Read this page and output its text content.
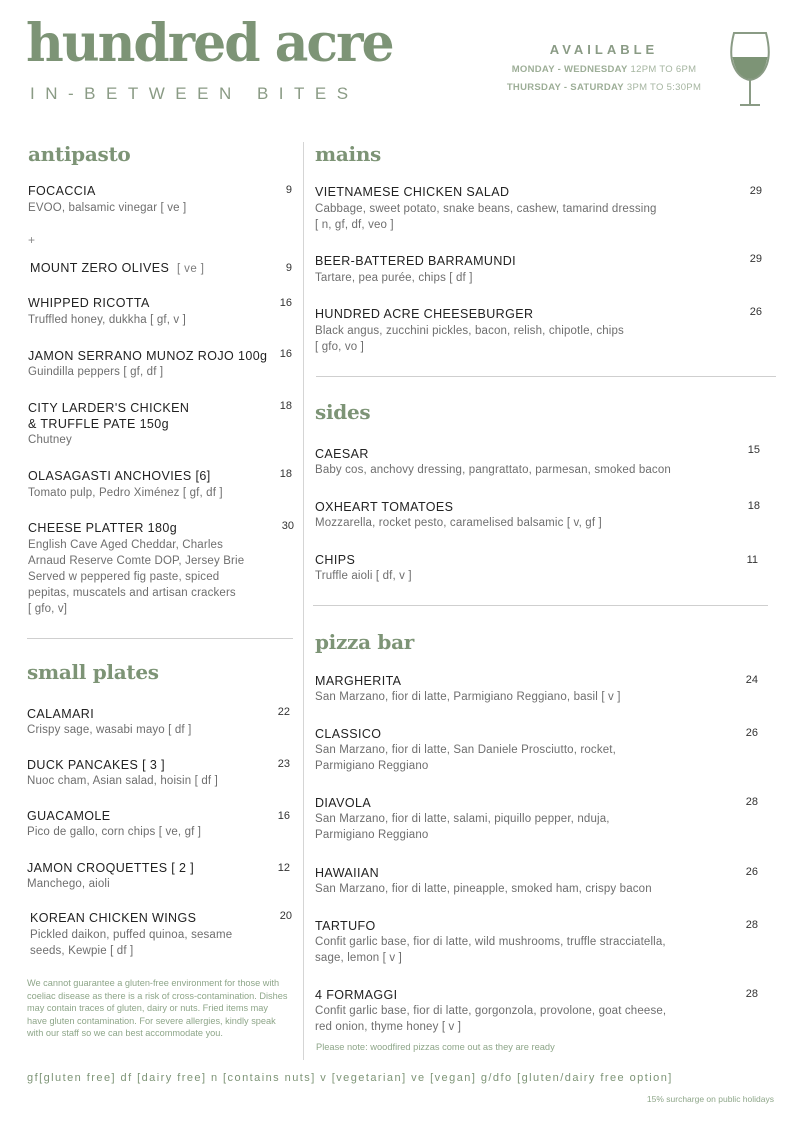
hundred acre
IN-BETWEEN BITES
AVAILABLE
MONDAY - WEDNESDAY 12PM TO 6PM
THURSDAY - SATURDAY 3PM TO 5:30PM
antipasto
FOCACCIA
EVOO, balsamic vinegar [ ve ]
9
+
MOUNT ZERO OLIVES [ ve ]	9
WHIPPED RICOTTA
Truffled honey, dukkha [ gf, v ]
16
JAMON SERRANO MUNOZ ROJO 100g
Guindilla peppers [ gf, df ]
16
CITY LARDER'S CHICKEN
& TRUFFLE PATE 150g
Chutney
18
OLASAGASTI ANCHOVIES [6]
Tomato pulp, Pedro Ximénez [ gf, df ]
18
CHEESE PLATTER 180g
English Cave Aged Cheddar, Charles
Arnaud Reserve Comte DOP, Jersey Brie
Served w peppered fig paste, spiced
pepitas, muscatels and artisan crackers
[ gfo, v]
30
small plates
CALAMARI
Crispy sage, wasabi mayo [ df ]
22
DUCK PANCAKES [ 3 ]
Nuoc cham, Asian salad, hoisin [ df ]
23
GUACAMOLE
Pico de gallo, corn chips [ ve, gf ]
16
JAMON CROQUETTES [ 2 ]
Manchego, aioli
12
KOREAN CHICKEN WINGS
Pickled daikon, puffed quinoa, sesame
seeds, Kewpie [ df ]
20
We cannot guarantee a gluten-free environment for those with coeliac disease as there is a risk of cross-contamination. Dishes may contain traces of gluten, dairy or nuts. Fried items may have gluten contamination. For severe allergies, kindly speak with our staff so we can best accommodate you.
mains
VIETNAMESE CHICKEN SALAD
Cabbage, sweet potato, snake beans, cashew, tamarind dressing
[ n, gf, df, veo ]
29
BEER-BATTERED BARRAMUNDI
Tartare, pea purée, chips [ df ]
29
HUNDRED ACRE CHEESEBURGER
Black angus, zucchini pickles, bacon, relish, chipotle, chips
[ gfo, vo ]
26
sides
CAESAR
Baby cos, anchovy dressing, pangrattato, parmesan, smoked bacon
15
OXHEART TOMATOES
Mozzarella, rocket pesto, caramelised balsamic [ v, gf ]
18
CHIPS
Truffle aioli [ df, v ]
11
pizza bar
MARGHERITA
San Marzano, fior di latte, Parmigiano Reggiano, basil [ v ]
24
CLASSICO
San Marzano, fior di latte, San Daniele Prosciutto, rocket,
Parmigiano Reggiano
26
DIAVOLA
San Marzano, fior di latte, salami, piquillo pepper, nduja,
Parmigiano Reggiano
28
HAWAIIAN
San Marzano, fior di latte, pineapple, smoked ham, crispy bacon
26
TARTUFO
Confit garlic base, fior di latte, wild mushrooms, truffle stracciatella,
sage, lemon [ v ]
28
4 FORMAGGI
Confit garlic base, fior di latte, gorgonzola, provolone, goat cheese,
red onion, thyme honey [ v ]
28
Please note: woodfired pizzas come out as they are ready
gf[gluten free] df [dairy free] n [contains nuts] v [vegetarian] ve [vegan] g/dfo [gluten/dairy free option]
15% surcharge on public holidays
